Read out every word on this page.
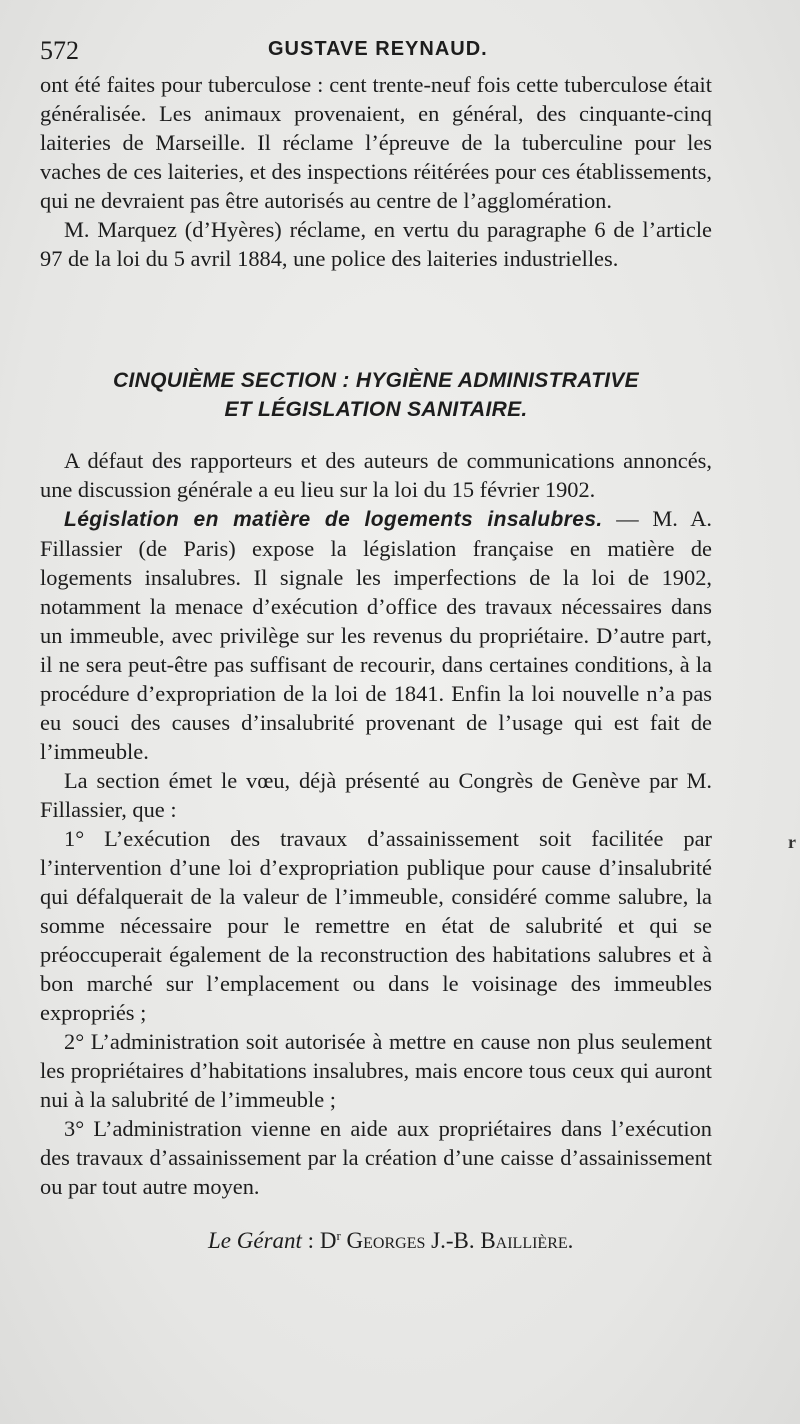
572	GUSTAVE REYNAUD.

ont été faites pour tuberculose : cent trente-neuf fois cette tuberculose était généralisée. Les animaux provenaient, en général, des cinquante-cinq laiteries de Marseille. Il réclame l’épreuve de la tuberculine pour les vaches de ces laiteries, et des inspections réitérées pour ces établissements, qui ne devraient pas être autorisés au centre de l’agglomération.

M. Marquez (d’Hyères) réclame, en vertu du paragraphe 6 de l’article 97 de la loi du 5 avril 1884, une police des laiteries industrielles.

CINQUIÈME SECTION : HYGIÈNE ADMINISTRATIVE
ET LÉGISLATION SANITAIRE.

A défaut des rapporteurs et des auteurs de communications annoncés, une discussion générale a eu lieu sur la loi du 15 février 1902.

Législation en matière de logements insalubres. — M. A. Fillassier (de Paris) expose la législation française en matière de logements insalubres. Il signale les imperfections de la loi de 1902, notamment la menace d’exécution d’office des travaux nécessaires dans un immeuble, avec privilège sur les revenus du propriétaire. D’autre part, il ne sera peut-être pas suffisant de recourir, dans certaines conditions, à la procédure d’expropriation de la loi de 1841. Enfin la loi nouvelle n’a pas eu souci des causes d’insalubrité provenant de l’usage qui est fait de l’immeuble.

La section émet le vœu, déjà présenté au Congrès de Genève par M. Fillassier, que :

1° L’exécution des travaux d’assainissement soit facilitée par l’intervention d’une loi d’expropriation publique pour cause d’insalubrité qui défalquerait de la valeur de l’immeuble, considéré comme salubre, la somme nécessaire pour le remettre en état de salubrité et qui se préoccuperait également de la reconstruction des habitations salubres et à bon marché sur l’emplacement ou dans le voisinage des immeubles expropriés ;

2° L’administration soit autorisée à mettre en cause non plus seulement les propriétaires d’habitations insalubres, mais encore tous ceux qui auront nui à la salubrité de l’immeuble ;

3° L’administration vienne en aide aux propriétaires dans l’exécution des travaux d’assainissement par la création d’une caisse d’assainissement ou par tout autre moyen.

Le Gérant : $D^r$ Georges J.-B. Baillière.
r
